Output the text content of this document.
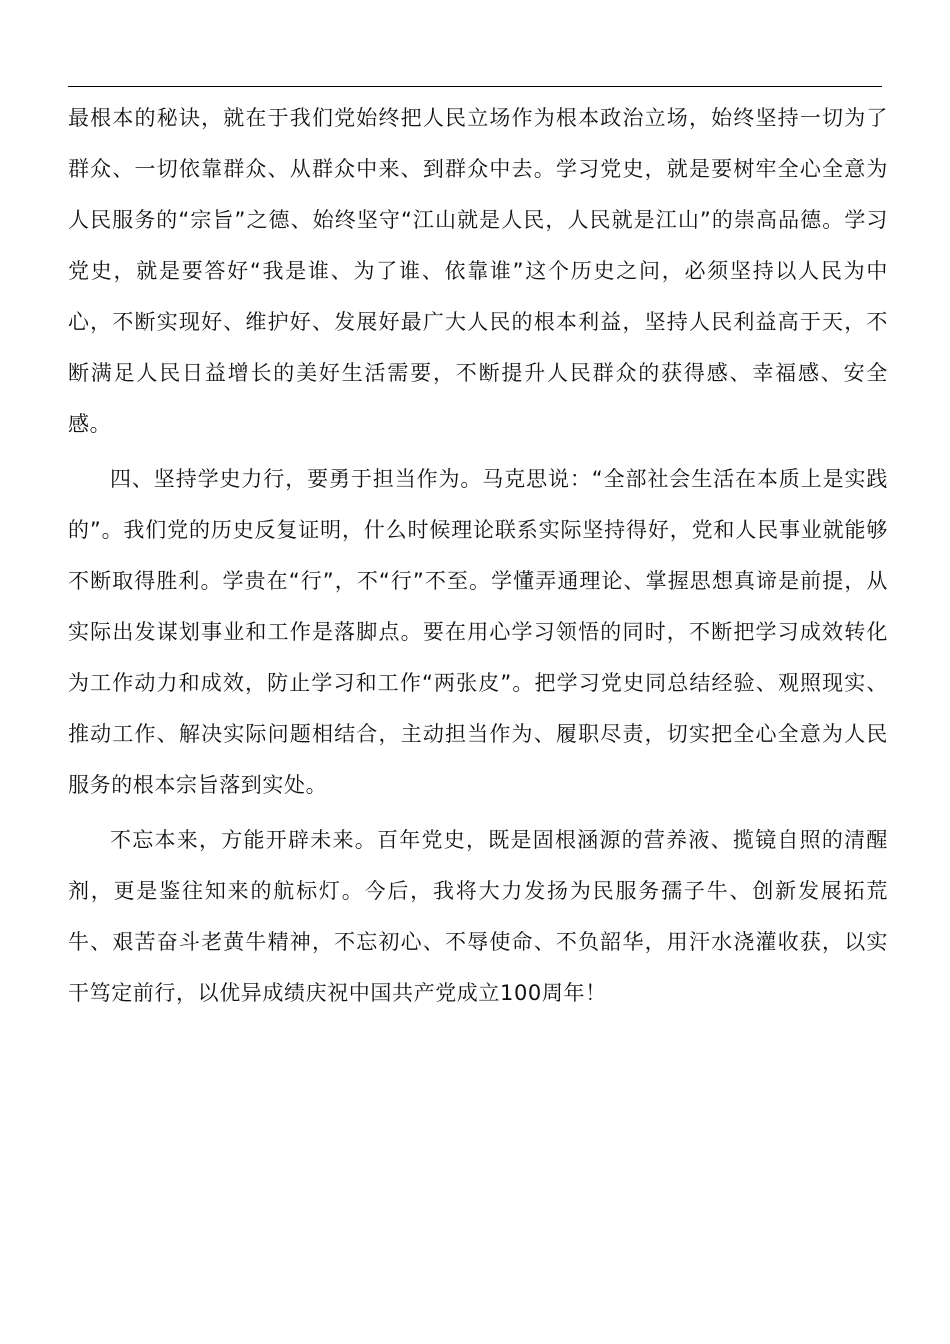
最根本的秘诀，就在于我们党始终把人民立场作为根本政治立场，始终坚持一切为了群众、一切依靠群众、从群众中来、到群众中去。学习党史，就是要树牢全心全意为人民服务的“宗旨”之德、始终坚守“江山就是人民，人民就是江山”的崇高品德。学习党史，就是要答好“我是谁、为了谁、依靠谁”这个历史之问，必须坚持以人民为中心，不断实现好、维护好、发展好最广大人民的根本利益，坚持人民利益高于天，不断满足人民日益增长的美好生活需要，不断提升人民群众的获得感、幸福感、安全感。

四、坚持学史力行，要勇于担当作为。马克思说：“全部社会生活在本质上是实践的”。我们党的历史反复证明，什么时候理论联系实际坚持得好，党和人民事业就能够不断取得胜利。学贵在“行”，不“行”不至。学懂弄通理论、掌握思想真谛是前提，从实际出发谋划事业和工作是落脚点。要在用心学习领悟的同时，不断把学习成效转化为工作动力和成效，防止学习和工作“两张皮”。把学习党史同总结经验、观照现实、推动工作、解决实际问题相结合，主动担当作为、履职尽责，切实把全心全意为人民服务的根本宗旨落到实处。

不忘本来，方能开辟未来。百年党史，既是固根涵源的营养液、揽镜自照的清醒剂，更是鉴往知来的航标灯。今后，我将大力发扬为民服务孺子牛、创新发展拓荒牛、艰苦奋斗老黄牛精神，不忘初心、不辱使命、不负韶华，用汗水浇灌收获，以实干笃定前行，以优异成绩庆祝中国共产党成立100周年！
